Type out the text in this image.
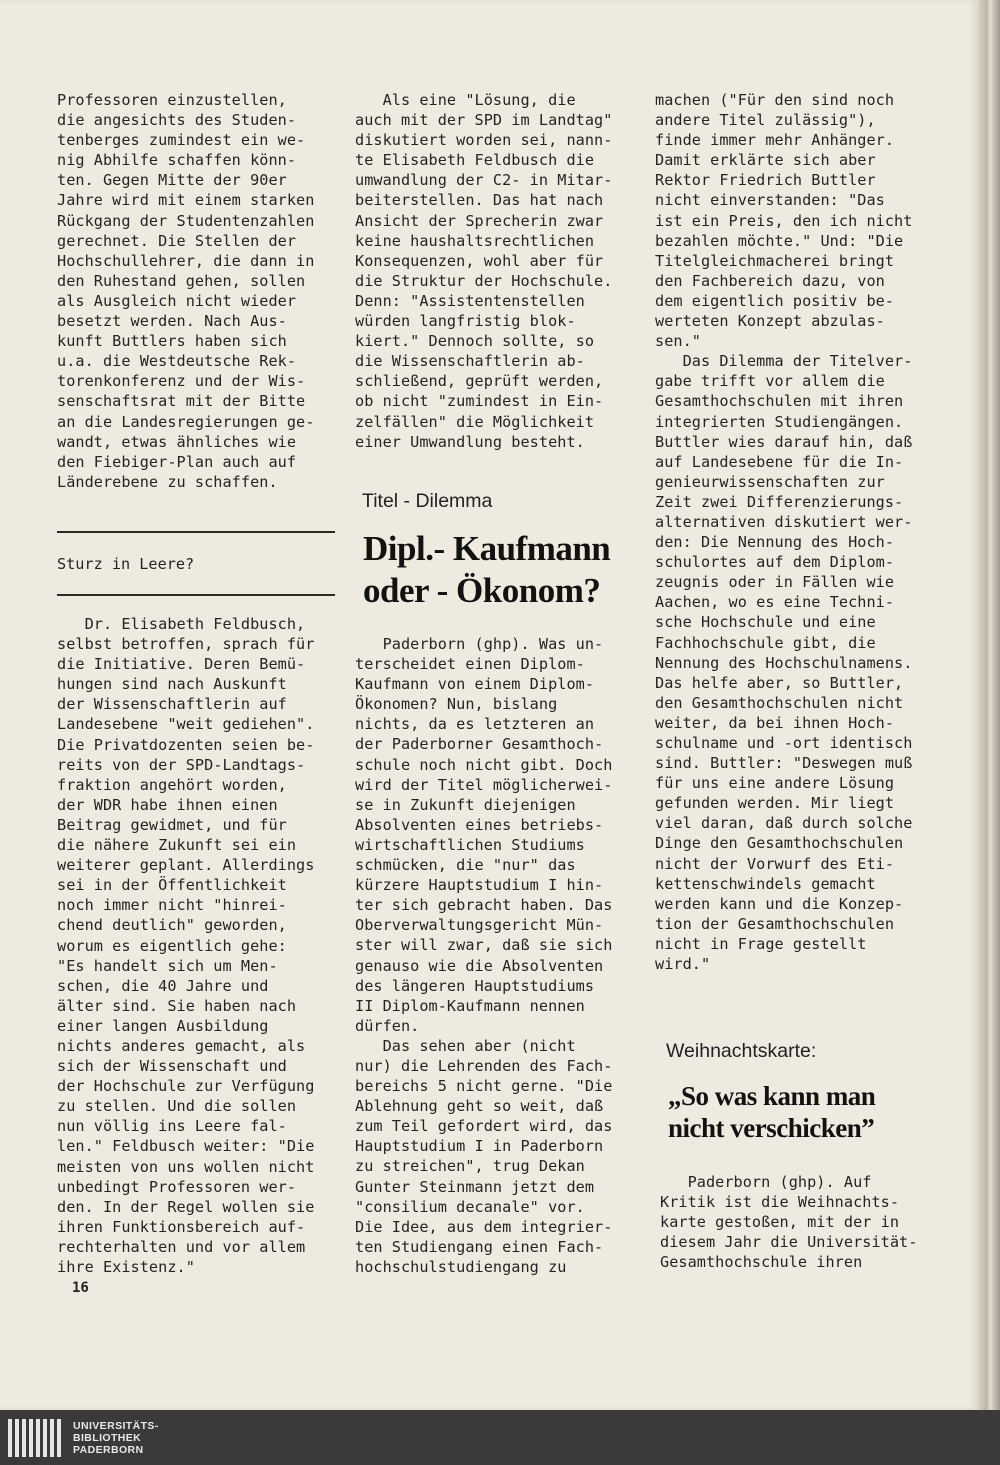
Professoren einzustellen,
die angesichts des Studen-
tenberges zumindest ein we-
nig Abhilfe schaffen könn-
ten. Gegen Mitte der 90er
Jahre wird mit einem starken
Rückgang der Studentenzahlen
gerechnet. Die Stellen der
Hochschullehrer, die dann in
den Ruhestand gehen, sollen
als Ausgleich nicht wieder
besetzt werden. Nach Aus-
kunft Buttlers haben sich
u.a. die Westdeutsche Rek-
torenkonferenz und der Wis-
senschaftsrat mit der Bitte
an die Landesregierungen ge-
wandt, etwas ähnliches wie
den Fiebiger-Plan auch auf
Länderebene zu schaffen.
Sturz in Leere?
Dr. Elisabeth Feldbusch,
selbst betroffen, sprach für
die Initiative. Deren Bemü-
hungen sind nach Auskunft
der Wissenschaftlerin auf
Landesebene "weit gediehen".
Die Privatdozenten seien be-
reits von der SPD-Landtags-
fraktion angehört worden,
der WDR habe ihnen einen
Beitrag gewidmet, und für
die nähere Zukunft sei ein
weiterer geplant. Allerdings
sei in der Öffentlichkeit
noch immer nicht "hinrei-
chend deutlich" geworden,
worum es eigentlich gehe:
"Es handelt sich um Men-
schen, die 40 Jahre und
älter sind. Sie haben nach
einer langen Ausbildung
nichts anderes gemacht, als
sich der Wissenschaft und
der Hochschule zur Verfügung
zu stellen. Und die sollen
nun völlig ins Leere fal-
len." Feldbusch weiter: "Die
meisten von uns wollen nicht
unbedingt Professoren wer-
den. In der Regel wollen sie
ihren Funktionsbereich auf-
rechterhalten und vor allem
ihre Existenz."
Als eine "Lösung, die
auch mit der SPD im Landtag"
diskutiert worden sei, nann-
te Elisabeth Feldbusch die
umwandlung der C2- in Mitar-
beiterstellen. Das hat nach
Ansicht der Sprecherin zwar
keine haushaltsrechtlichen
Konsequenzen, wohl aber für
die Struktur der Hochschule.
Denn: "Assistentenstellen
würden langfristig blok-
kiert." Dennoch sollte, so
die Wissenschaftlerin ab-
schließend, geprüft werden,
ob nicht "zumindest in Ein-
zelfällen" die Möglichkeit
einer Umwandlung besteht.
Titel - Dilemma
Dipl.- Kaufmann
oder - Ökonom?
Paderborn (ghp). Was un-
terscheidet einen Diplom-
Kaufmann von einem Diplom-
Ökonomen? Nun, bislang
nichts, da es letzteren an
der Paderborner Gesamthoch-
schule noch nicht gibt. Doch
wird der Titel möglicherwei-
se in Zukunft diejenigen
Absolventen eines betriebs-
wirtschaftlichen Studiums
schmücken, die "nur" das
kürzere Hauptstudium I hin-
ter sich gebracht haben. Das
Oberverwaltungsgericht Mün-
ster will zwar, daß sie sich
genauso wie die Absolventen
des längeren Hauptstudiums
II Diplom-Kaufmann nennen
dürfen.
Das sehen aber (nicht
nur) die Lehrenden des Fach-
bereichs 5 nicht gerne. "Die
Ablehnung geht so weit, daß
zum Teil gefordert wird, das
Hauptstudium I in Paderborn
zu streichen", trug Dekan
Gunter Steinmann jetzt dem
"consilium decanale" vor.
Die Idee, aus dem integrier-
ten Studiengang einen Fach-
hochschulstudiengang zu
machen ("Für den sind noch
andere Titel zulässig"),
finde immer mehr Anhänger.
Damit erklärte sich aber
Rektor Friedrich Buttler
nicht einverstanden: "Das
ist ein Preis, den ich nicht
bezahlen möchte." Und: "Die
Titelgleichmacherei bringt
den Fachbereich dazu, von
dem eigentlich positiv be-
werteten Konzept abzulas-
sen."
Das Dilemma der Titelver-
gabe trifft vor allem die
Gesamthochschulen mit ihren
integrierten Studiengängen.
Buttler wies darauf hin, daß
auf Landesebene für die In-
genieurwissenschaften zur
Zeit zwei Differenzierungs-
alternativen diskutiert wer-
den: Die Nennung des Hoch-
schulortes auf dem Diplom-
zeugnis oder in Fällen wie
Aachen, wo es eine Techni-
sche Hochschule und eine
Fachhochschule gibt, die
Nennung des Hochschulnamens.
Das helfe aber, so Buttler,
den Gesamthochschulen nicht
weiter, da bei ihnen Hoch-
schulname und -ort identisch
sind. Buttler: "Deswegen muß
für uns eine andere Lösung
gefunden werden. Mir liegt
viel daran, daß durch solche
Dinge den Gesamthochschulen
nicht der Vorwurf des Eti-
kettenschwindels gemacht
werden kann und die Konzep-
tion der Gesamthochschulen
nicht in Frage gestellt
wird."
Weihnachtskarte:
„So was kann man
nicht verschicken”
Paderborn (ghp). Auf
Kritik ist die Weihnachts-
karte gestoßen, mit der in
diesem Jahr die Universität-
Gesamthochschule ihren
16
UNIVERSITÄTS-
BIBLIOTHEK
PADERBORN
